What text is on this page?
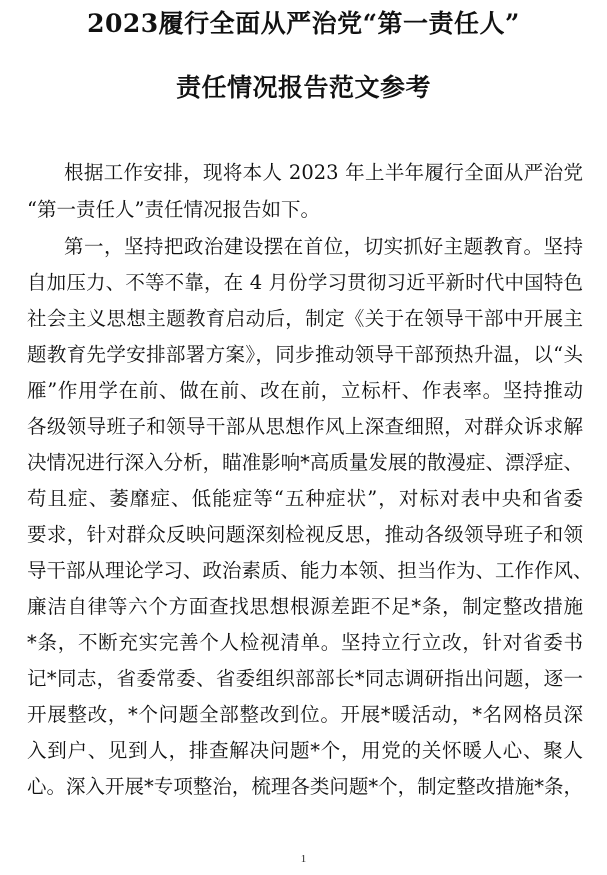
2023履行全面从严治党“第一责任人”
责任情况报告范文参考
根据工作安排，现将本人 2023 年上半年履行全面从严治党
“第一责任人”责任情况报告如下。
第一，坚持把政治建设摆在首位，切实抓好主题教育。坚持
自加压力、不等不靠，在 4 月份学习贯彻习近平新时代中国特色
社会主义思想主题教育启动后，制定《关于在领导干部中开展主
题教育先学安排部署方案》，同步推动领导干部预热升温，以“头
雁”作用学在前、做在前、改在前，立标杆、作表率。坚持推动
各级领导班子和领导干部从思想作风上深查细照，对群众诉求解
决情况进行深入分析，瞄准影响*高质量发展的散漫症、漂浮症、
苟且症、萎靡症、低能症等“五种症状”，对标对表中央和省委
要求，针对群众反映问题深刻检视反思，推动各级领导班子和领
导干部从理论学习、政治素质、能力本领、担当作为、工作作风、
廉洁自律等六个方面查找思想根源差距不足*条，制定整改措施
*条，不断充实完善个人检视清单。坚持立行立改，针对省委书
记*同志，省委常委、省委组织部部长*同志调研指出问题，逐一
开展整改，*个问题全部整改到位。开展*暖活动，*名网格员深
入到户、见到人，排查解决问题*个，用党的关怀暖人心、聚人
心。深入开展*专项整治，梳理各类问题*个，制定整改措施*条，
1
